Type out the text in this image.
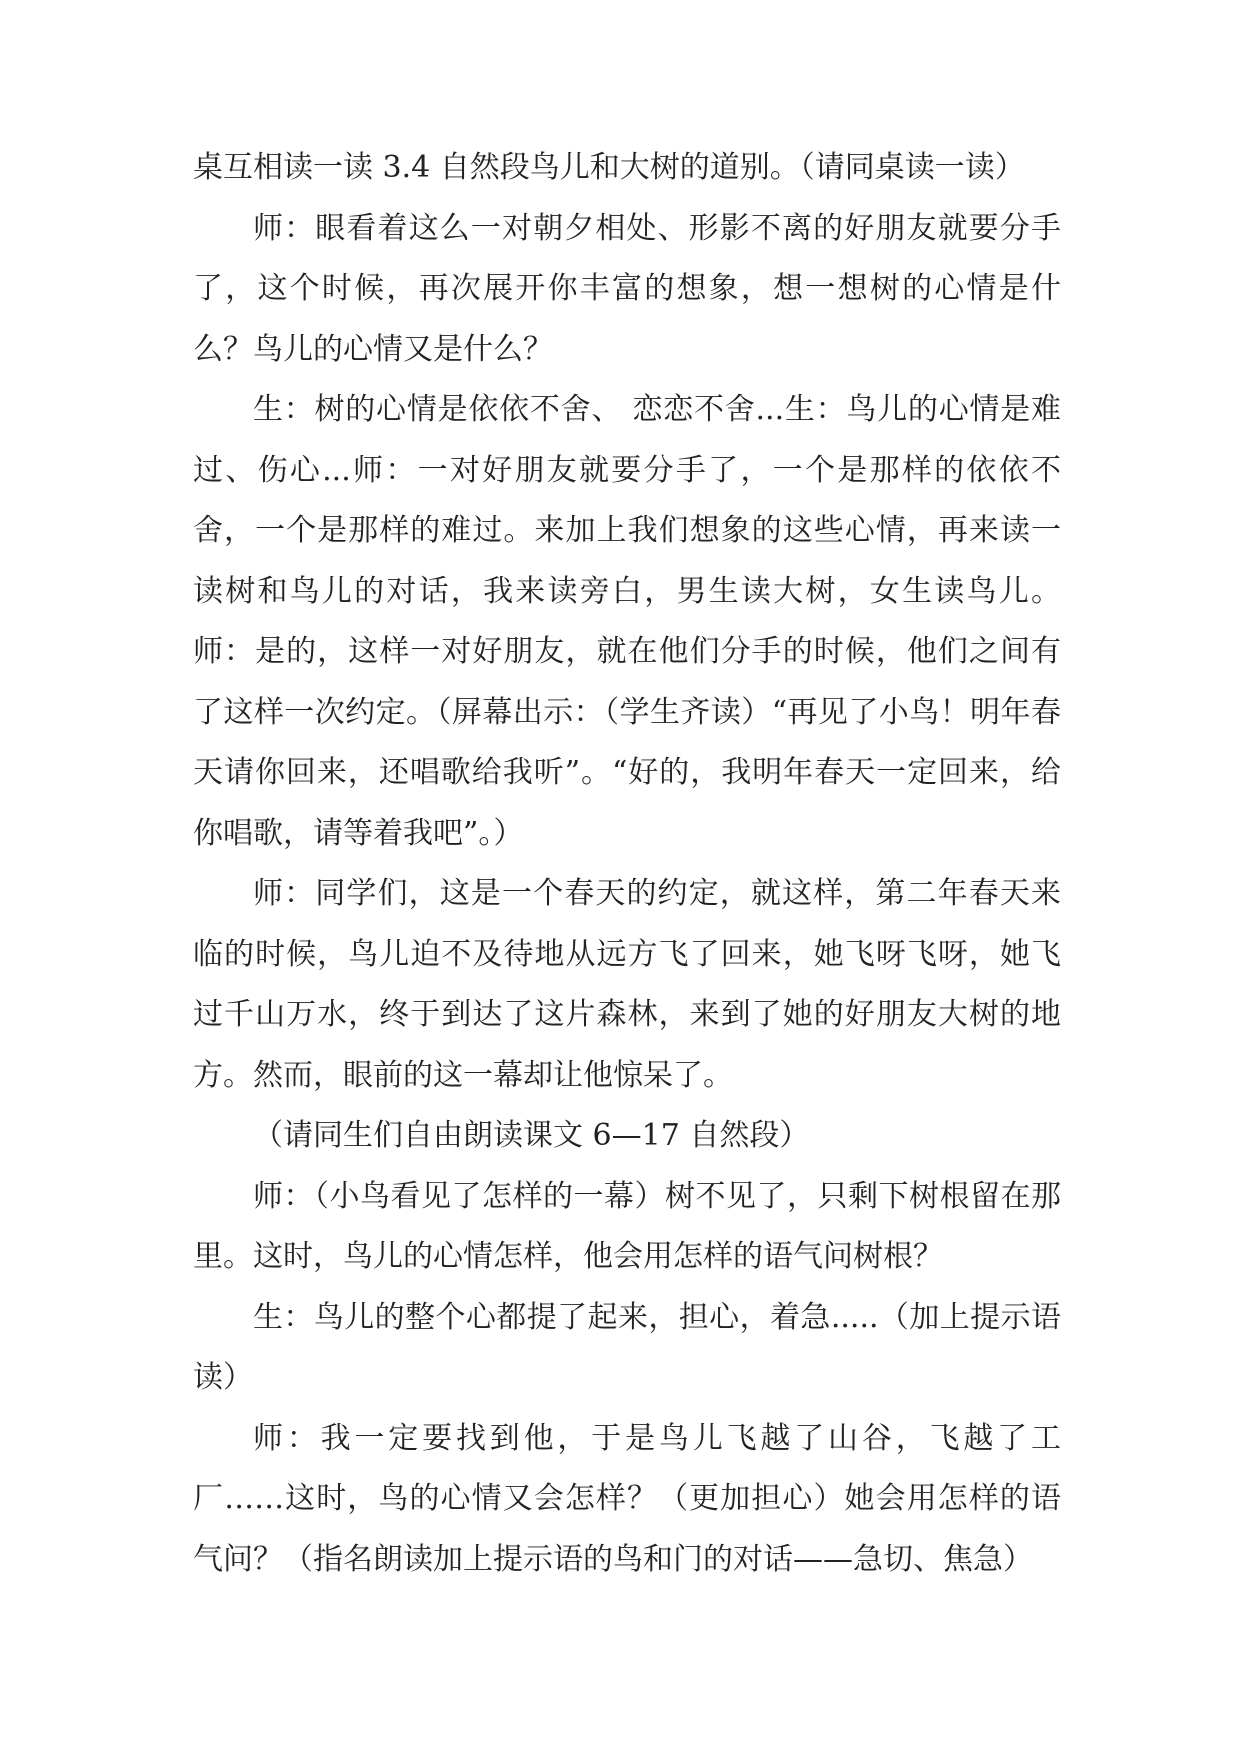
桌互相读一读 3.4 自然段鸟儿和大树的道别。（请同桌读一读）

师：眼看着这么一对朝夕相处、形影不离的好朋友就要分手了，这个时候，再次展开你丰富的想象，想一想树的心情是什么？鸟儿的心情又是什么？

生：树的心情是依依不舍、 恋恋不舍...生：鸟儿的心情是难过、伤心...师：一对好朋友就要分手了，一个是那样的依依不舍，一个是那样的难过。来加上我们想象的这些心情，再来读一读树和鸟儿的对话，我来读旁白，男生读大树，女生读鸟儿。师：是的，这样一对好朋友，就在他们分手的时候，他们之间有了这样一次约定。（屏幕出示：（学生齐读）“再见了小鸟！明年春天请你回来，还唱歌给我听”。“好的，我明年春天一定回来，给你唱歌，请等着我吧”。）

师：同学们，这是一个春天的约定，就这样，第二年春天来临的时候，鸟儿迫不及待地从远方飞了回来，她飞呀飞呀，她飞过千山万水，终于到达了这片森林，来到了她的好朋友大树的地方。然而，眼前的这一幕却让他惊呆了。

（请同生们自由朗读课文 6—17 自然段）

师：（小鸟看见了怎样的一幕）树不见了，只剩下树根留在那里。这时，鸟儿的心情怎样，他会用怎样的语气问树根？

生：鸟儿的整个心都提了起来，担心，着急.....（加上提示语读）

师：我一定要找到他，于是鸟儿飞越了山谷，飞越了工厂……这时，鸟的心情又会怎样？（更加担心）她会用怎样的语气问？（指名朗读加上提示语的鸟和门的对话——急切、焦急）
